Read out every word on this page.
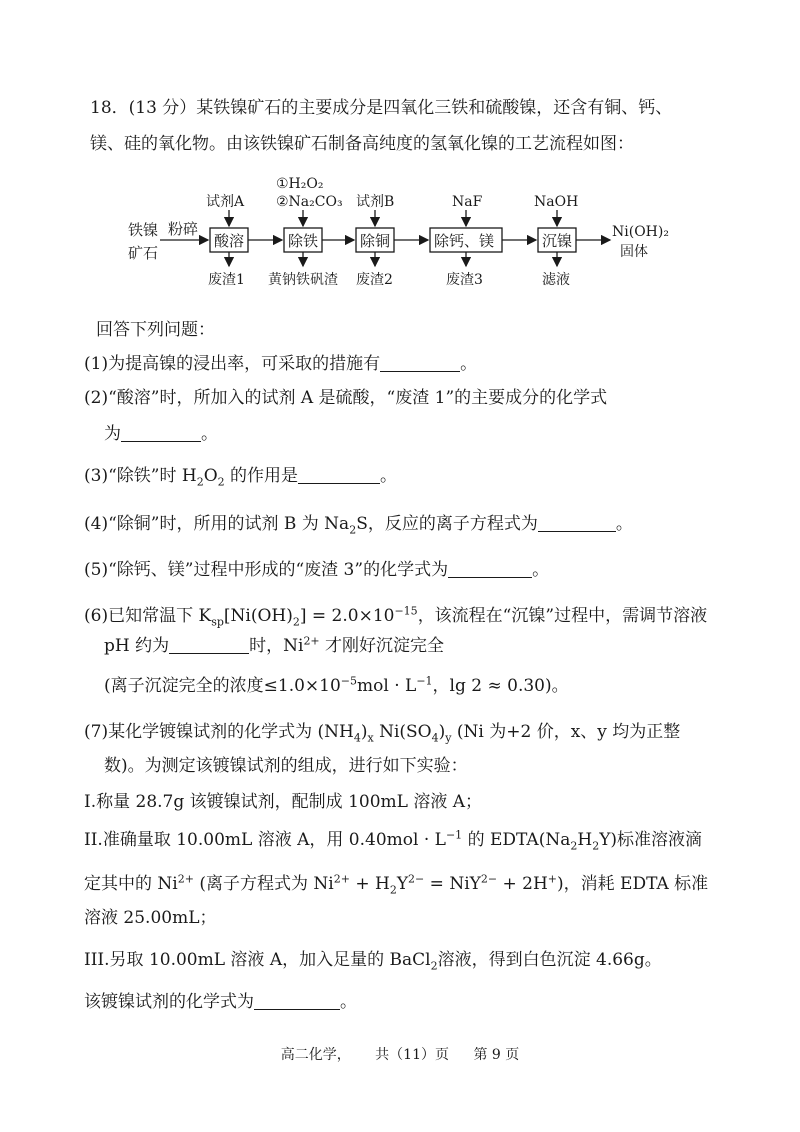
18．(13 分）某铁镍矿石的主要成分是四氧化三铁和硫酸镍，还含有铜、钙、
镁、硅的氧化物。由该铁镍矿石制备高纯度的氢氧化镍的工艺流程如图：
铁镍
矿石
粉碎
酸溶
试剂A
废渣1
除铁
①H₂O₂
②Na₂CO₃
黄钠铁矾渣
除铜
试剂B
废渣2
除钙、镁
NaF
废渣3
沉镍
NaOH
滤液
Ni(OH)₂
固体
回答下列问题：
(1)为提高镍的浸出率，可采取的措施有	。
(2)“酸溶”时，所加入的试剂 A 是硫酸，“废渣 1”的主要成分的化学式
为	。
(3)“除铁”时 $H_2O_2$ 的作用是	。
(4)“除铜”时，所用的试剂 B 为 $Na_2S$，反应的离子方程式为	。
(5)“除钙、镁”过程中形成的“废渣 3”的化学式为	。
(6)已知常温下 $K_{sp}[Ni(OH)_2] = 2.0\times 10^{-15}$，该流程在“沉镍”过程中，需调节溶液
pH 约为	时，$Ni^{2+}$ 才刚好沉淀完全
(离子沉淀完全的浓度$\le 1.0\times 10^{-5}mol \cdot L^{-1}$，lg 2 ≈ 0.30)。
(7)某化学镀镍试剂的化学式为 $(NH_4)_x$ $Ni(SO_4)_y$ (Ni 为+2 价，x、y 均为正整
数)。为测定该镀镍试剂的组成，进行如下实验：
I.称量 28.7g 该镀镍试剂，配制成 100mL 溶液 A；
II.准确量取 10.00mL 溶液 A，用 $0.40mol \cdot L^{-1}$ 的 $EDTA(Na_2H_2Y)$标准溶液滴
定其中的 $Ni^{2+}$ (离子方程式为 $Ni^{2+} + H_2Y^{2-} = NiY^{2-} + 2H^+$)，消耗 EDTA 标准
溶液 25.00mL；
III.另取 10.00mL 溶液 A，加入足量的 BaCl$_2$溶液，得到白色沉淀 4.66g。
该镀镍试剂的化学式为	。
高二化学， 共（11）页 第 9 页
